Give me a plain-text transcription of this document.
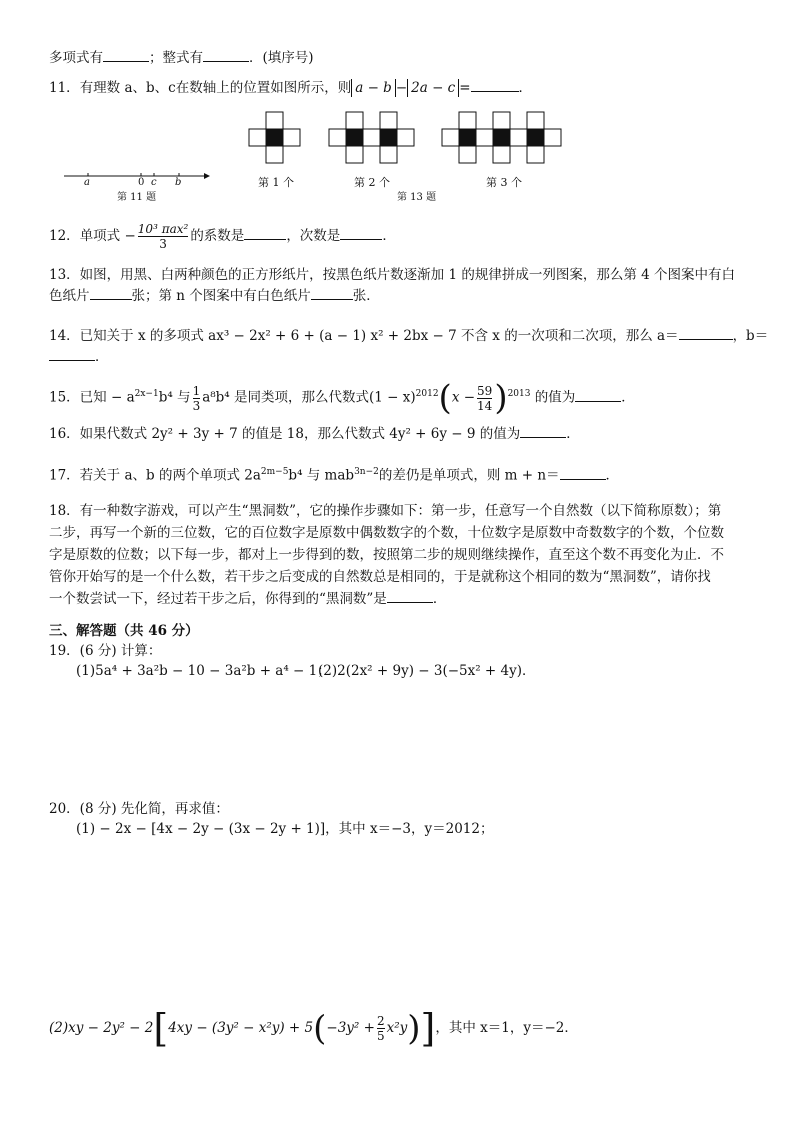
多项式有	；整式有	．(填序号)
11．有理数 a、b、c在数轴上的位置如图所示，则 a − b − 2a − c =	．
a	0 c b
第 11 题
第 1 个	第 2 个	第 3 个
第 13 题
12．单项式 − $\frac{\text{10³ πax²}}{3}$ 的系数是	，次数是	．
13．如图，用黑、白两种颜色的正方形纸片，按黑色纸片数逐渐加 1 的规律拼成一列图案，那么第 4 个图案中有白
色纸片	张；第 n 个图案中有白色纸片	张．
14．已知关于 x 的多项式 ax³ − 2x² + 6 + (a − 1) x² + 2bx − 7 不含 x 的一次项和二次项，那么 a＝	，b＝
．
15．已知 − $a^{2x-1}b^4$ 与 $\frac{1}{3} a^8b^4$ 是同类项，那么代数式$(1 - x)^{2012}(x - \frac{59}{14} )^{2013}$ 的值为	．
16．如果代数式 2y² + 3y + 7 的值是 18，那么代数式 4y² + 6y − 9 的值为	．
17．若关于 a、b 的两个单项式 $2a^{2m-5}b^4$ 与 mab$^{3n-2}$的差仍是单项式，则 m + n＝	．
18．有一种数字游戏，可以产生“黑洞数”，它的操作步骤如下：第一步，任意写一个自然数（以下简称原数）；第
二步，再写一个新的三位数，它的百位数字是原数中偶数数字的个数，十位数字是原数中奇数数字的个数，个位数
字是原数的位数；以下每一步，都对上一步得到的数，按照第二步的规则继续操作，直至这个数不再变化为止．不
管你开始写的是一个什么数，若干步之后变成的自然数总是相同的，于是就称这个相同的数为“黑洞数”，请你找
一个数尝试一下，经过若干步之后，你得到的“黑洞数”是	．
三、解答题（共 46 分）
19．(6 分) 计算：
(1)5a⁴ + 3a²b − 10 − 3a²b + a⁴ − 1；
(2)2(2x² + 9y) − 3(−5x² + 4y)．
20．(8 分) 先化简，再求值：
(1) − 2x − [4x − 2y − (3x − 2y + 1)]，其中 x＝−3，y＝2012；
$(2)xy - 2y^2 - 2[4xy - (3y^2 - x^2y) + 5(-3y^2 + \frac{2}{5} x^2y)]$，其中 x＝1，y＝−2．
